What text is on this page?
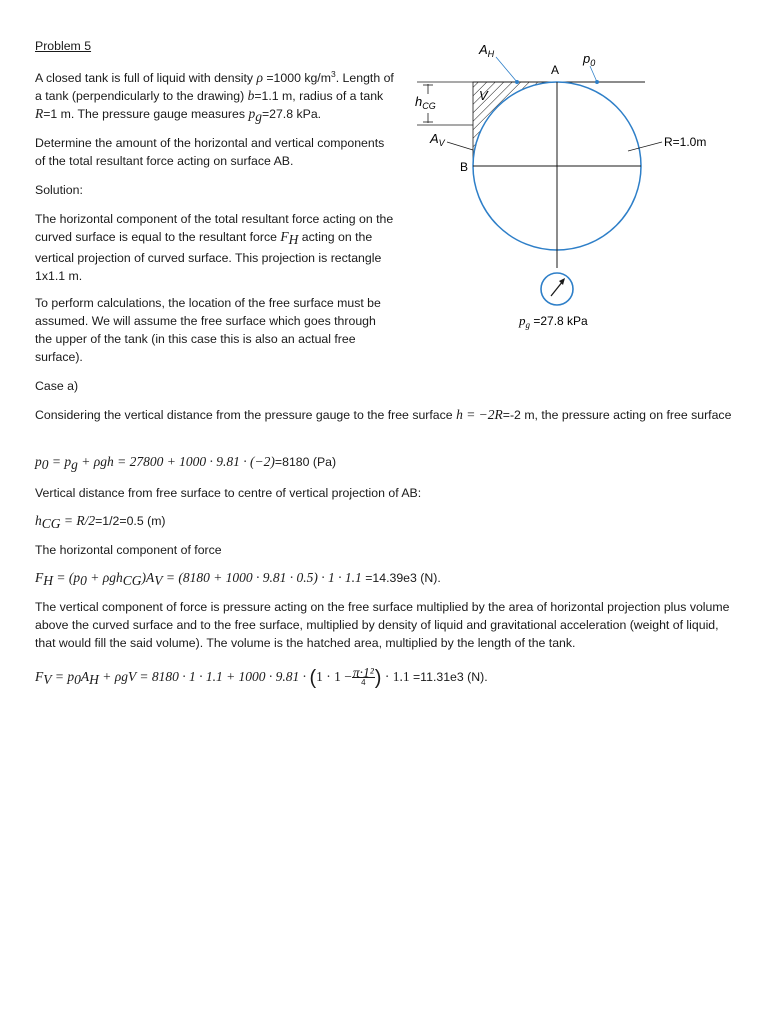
Problem 5
A closed tank is full of liquid with density ρ =1000 $kg/m^3$. Length of a tank (perpendicularly to the drawing) b=1.1 m, radius of a tank R=1 m. The pressure gauge measures $p_g=27.8$ kPa.
Determine the amount of the horizontal and vertical components of the total resultant force acting on surface AB.
Solution:
The horizontal component of the total resultant force acting on the curved surface is equal to the resultant force $F_H$ acting on the vertical projection of curved surface. This projection is rectangle 1x1.1 m.
To perform calculations, the location of the free surface must be assumed. We will assume the free surface which goes through the upper of the tank (in this case this is also an actual free surface).
Case a)
Considering the vertical distance from the pressure gauge to the free surface h = −2R=-2 m, the pressure acting on free surface
$p_0 = p_g + \rho gh = 27800 + 1000 \cdot 9.81 \cdot (-2)=8180$ (Pa)
Vertical distance from free surface to centre of vertical projection of AB:
$h_{CG} = R/2=1/2=0.5$ (m)
The horizontal component of force
$F_H = (p_0 + \rho gh_{CG})A_V = (8180 + 1000 \cdot 9.81 \cdot 0.5) \cdot 1 \cdot 1.1 =14.39e3$ (N).
The vertical component of force is pressure acting on the free surface multiplied by the area of horizontal projection plus volume above the curved surface and to the free surface, multiplied by density of liquid and gravitational acceleration (weight of liquid, that would fill the said volume). The volume is the hatched area, multiplied by the length of the tank.
$F_V = p_0A_H + \rho gV = 8180 \cdot 1 \cdot 1.1 + 1000 \cdot 9.81 \cdot (1 \cdot 1 - \frac{\text{π·1²}}{4}$ ) · 1.1 =11.31e3 (N).
$A_H$	$p_0$
A
V
$h_{CG}$
$A_V$
B
R=1.0m
$p_g =27.8$ kPa
